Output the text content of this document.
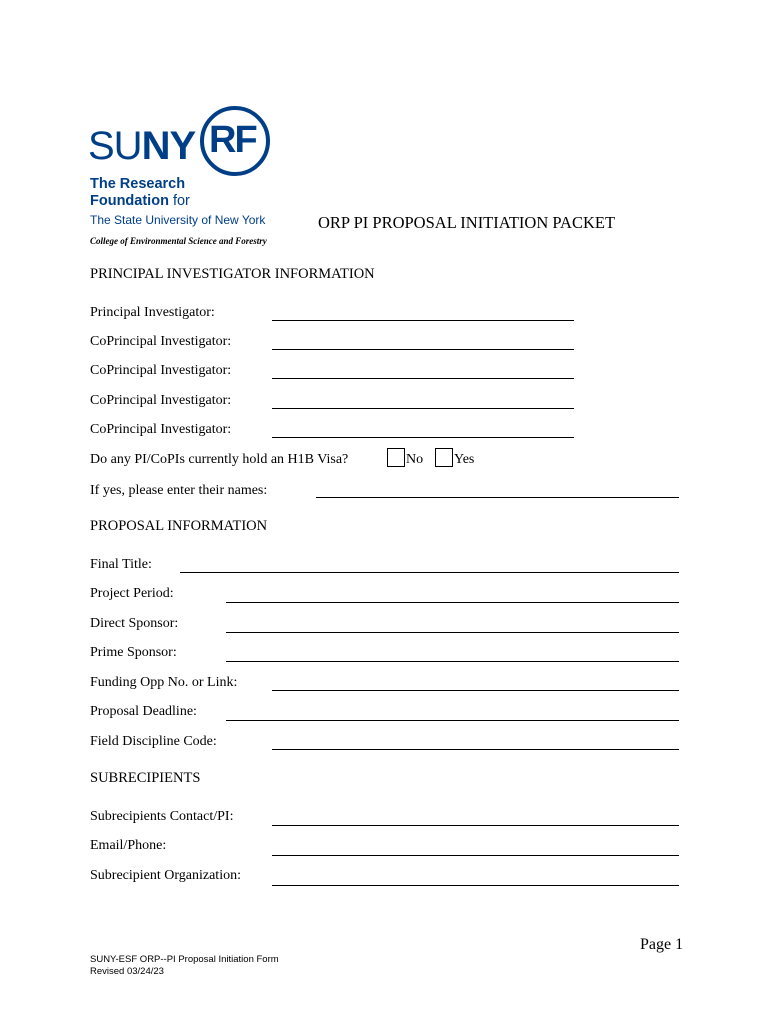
SUNY RF
The Research
Foundation for
The State University of New York
College of Environmental Science and Forestry
ORP PI PROPOSAL INITIATION PACKET
PRINCIPAL INVESTIGATOR INFORMATION
Principal Investigator:
CoPrincipal Investigator:
CoPrincipal Investigator:
CoPrincipal Investigator:
CoPrincipal Investigator:
Do any PI/CoPIs currently hold an H1B Visa?	No Yes
If yes, please enter their names:
PROPOSAL INFORMATION
Final Title:
Project Period:
Direct Sponsor:
Prime Sponsor:
Funding Opp No. or Link:
Proposal Deadline:
Field Discipline Code:
SUBRECIPIENTS
Subrecipients Contact/PI:
Email/Phone:
Subrecipient Organization:
Page 1
SUNY-ESF ORP--PI Proposal Initiation Form
Revised 03/24/23
